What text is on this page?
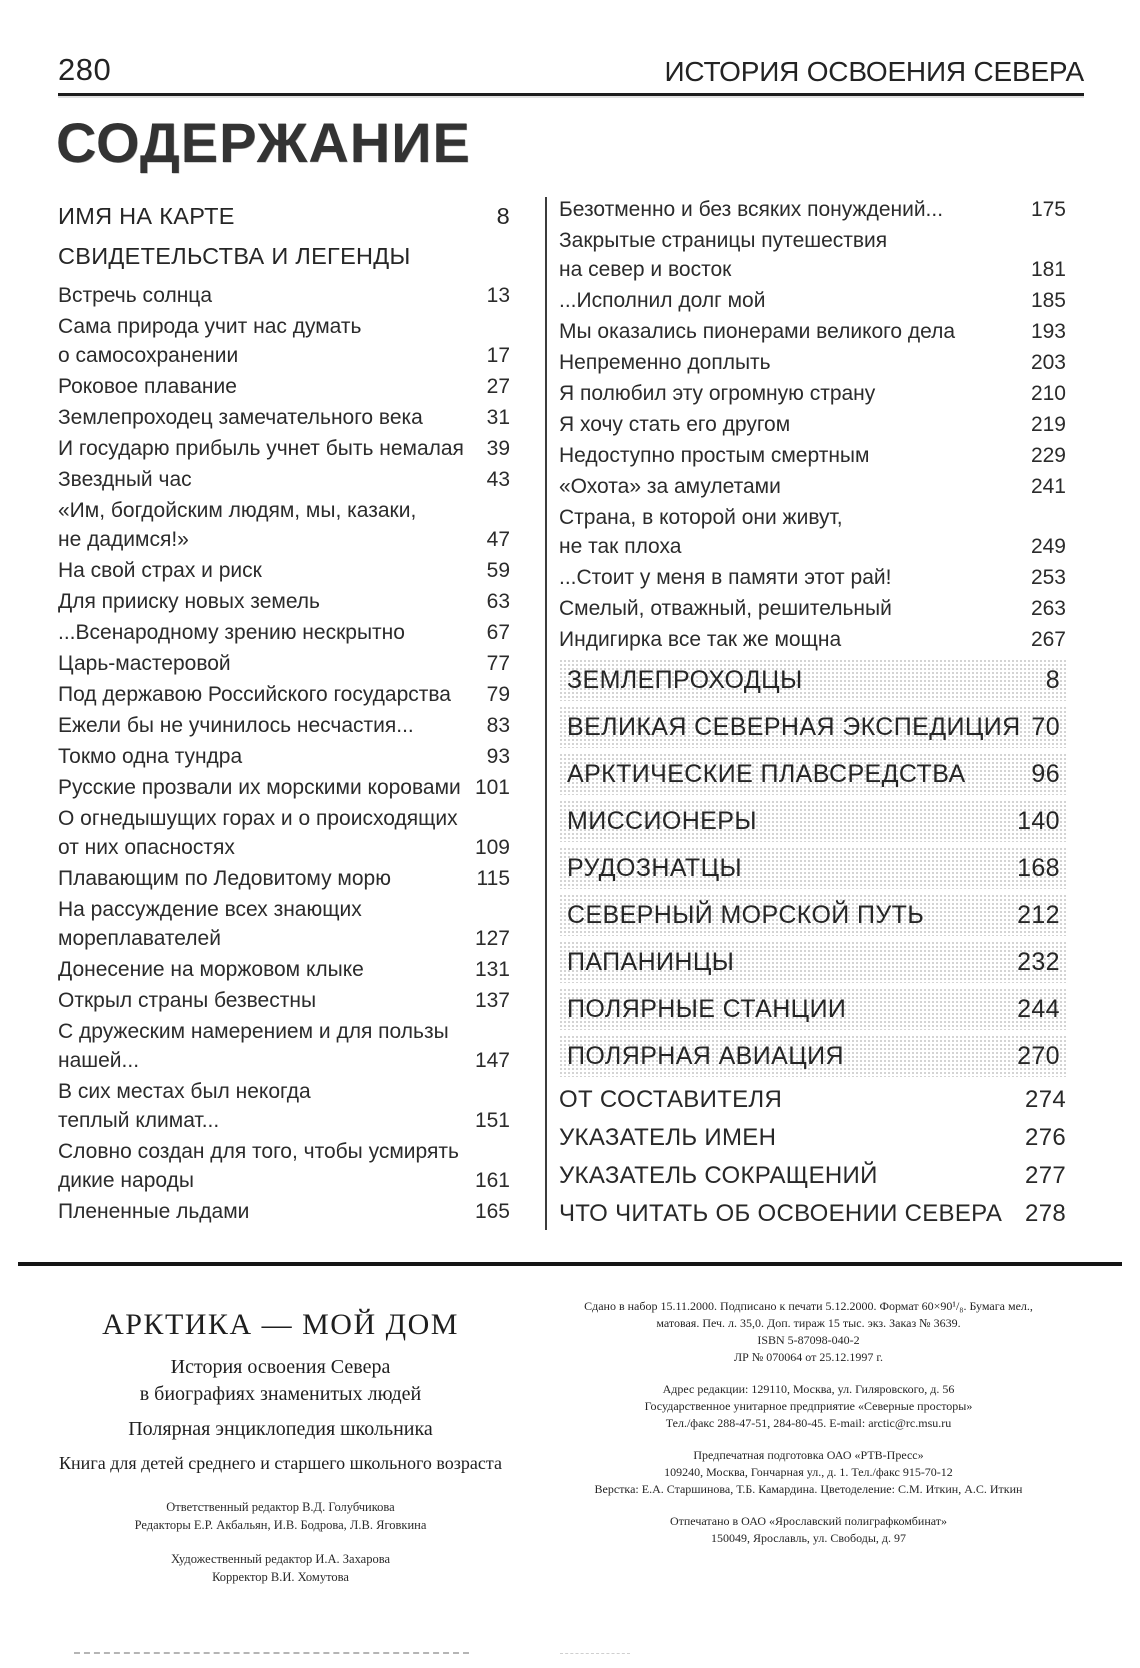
280	ИСТОРИЯ ОСВОЕНИЯ СЕВЕРА
СОДЕРЖАНИЕ
ИМЯ НА КАРТЕ	8
СВИДЕТЕЛЬСТВА И ЛЕГЕНДЫ
Встречь солнца	13
Сама природа учит нас думать
о самосохранении	17
Роковое плавание	27
Землепроходец замечательного века	31
И государю прибыль учнет быть немалая	39
Звездный час	43
«Им, богдойским людям, мы, казаки,
не дадимся!»	47
На свой страх и риск	59
Для прииску новых земель	63
...Всенародному зрению нескрытно	67
Царь-мастеровой	77
Под державою Российского государства	79
Ежели бы не учинилось несчастия...	83
Токмо одна тундра	93
Русские прозвали их морскими коровами 101
О огнедышущих горах и о происходящих
от них опасностях	109
Плавающим по Ледовитому морю	115
На рассуждение всех знающих
мореплавателей	127
Донесение на моржовом клыке	131
Открыл страны безвестны	137
С дружеским намерением и для пользы
нашей...	147
В сих местах был некогда
теплый климат...	151
Словно создан для того, чтобы усмирять
дикие народы	161
Плененные льдами	165
Безотменно и без всяких понуждений...	175
Закрытые страницы путешествия
на север и восток	181
...Исполнил долг мой	185
Мы оказались пионерами великого дела	193
Непременно доплыть	203
Я полюбил эту огромную страну	210
Я хочу стать его другом	219
Недоступно простым смертным	229
«Охота» за амулетами	241
Страна, в которой они живут,
не так плоха	249
...Стоит у меня в памяти этот рай!	253
Смелый, отважный, решительный	263
Индигирка все так же мощна	267
ЗЕМЛЕПРОХОДЦЫ	8
ВЕЛИКАЯ СЕВЕРНАЯ ЭКСПЕДИЦИЯ 70
АРКТИЧЕСКИЕ ПЛАВСРЕДСТВА	96
МИССИОНЕРЫ	140
РУДОЗНАТЦЫ	168
СЕВЕРНЫЙ МОРСКОЙ ПУТЬ	212
ПАПАНИНЦЫ	232
ПОЛЯРНЫЕ СТАНЦИИ	244
ПОЛЯРНАЯ АВИАЦИЯ	270
ОТ СОСТАВИТЕЛЯ	274
УКАЗАТЕЛЬ ИМЕН	276
УКАЗАТЕЛЬ СОКРАЩЕНИЙ	277
ЧТО ЧИТАТЬ ОБ ОСВОЕНИИ СЕВЕРА 278
АРКТИКА — МОЙ ДОМ
История освоения Севера
в биографиях знаменитых людей
Полярная энциклопедия школьника
Книга для детей среднего и старшего школьного возраста
Ответственный редактор В.Д. Голубчикова
Редакторы Е.Р. Акбальян, И.В. Бодрова, Л.В. Яговкина
Художественный редактор И.А. Захарова
Корректор В.И. Хомутова

Сдано в набор 15.11.2000. Подписано к печати 5.12.2000. Формат 60×90¹/₈. Бумага мел.,
матовая. Печ. л. 35,0. Доп. тираж 15 тыс. экз. Заказ № 3639.
ISBN 5-87098-040-2
ЛР № 070064 от 25.12.1997 г.

Адрес редакции: 129110, Москва, ул. Гиляровского, д. 56
Государственное унитарное предприятие «Северные просторы»
Тел./факс 288-47-51, 284-80-45. E-mail: arctic@rc.msu.ru

Предпечатная подготовка ОАО «РТВ-Пресс»
109240, Москва, Гончарная ул., д. 1. Тел./факс 915-70-12
Верстка: Е.А. Старшинова, Т.Б. Камардина. Цветоделение: С.М. Иткин, А.С. Иткин

Отпечатано в ОАО «Ярославский полиграфкомбинат»
150049, Ярославль, ул. Свободы, д. 97
